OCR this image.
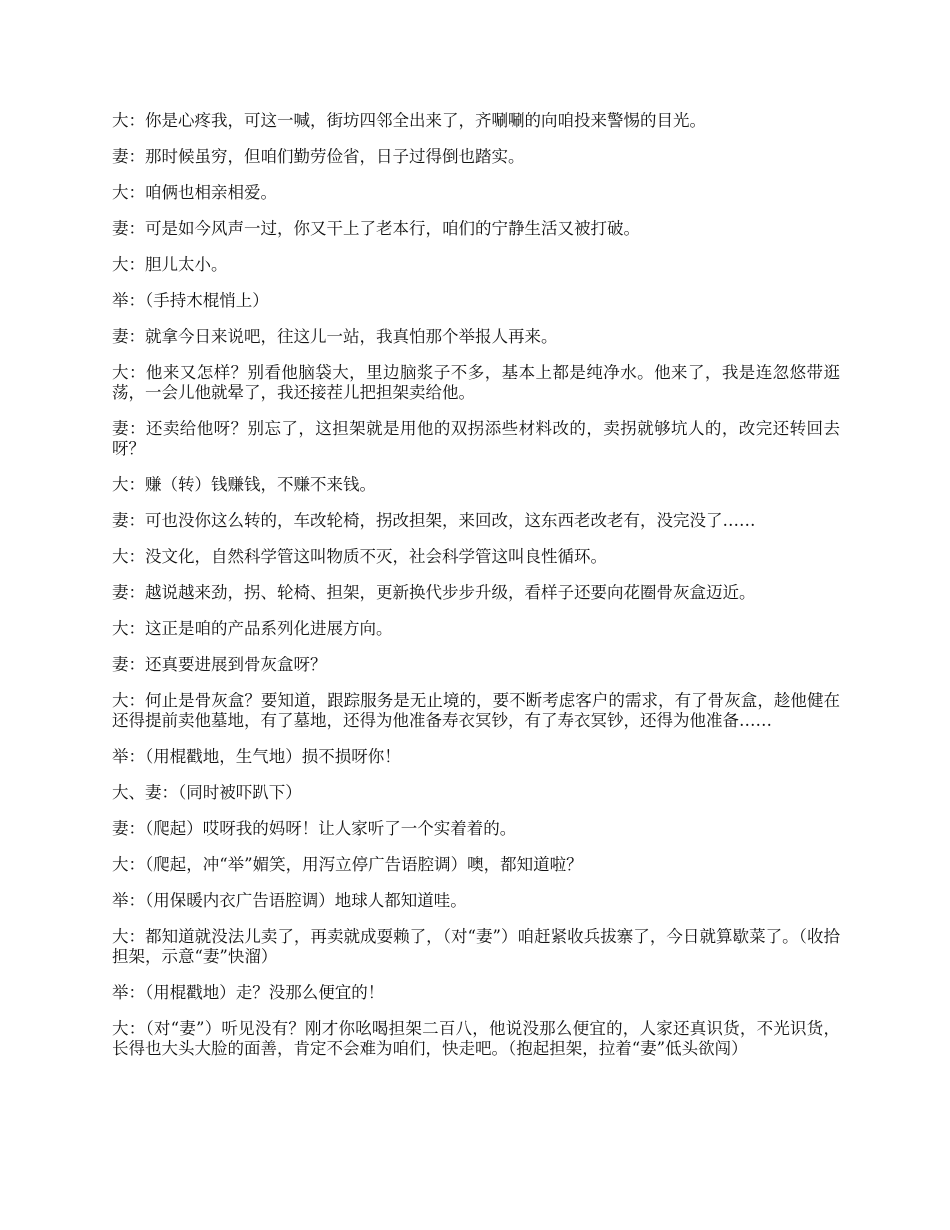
大：你是心疼我，可这一喊，街坊四邻全出来了，齐唰唰的向咱投来警惕的目光。

妻：那时候虽穷，但咱们勤劳俭省，日子过得倒也踏实。

大：咱俩也相亲相爱。

妻：可是如今风声一过，你又干上了老本行，咱们的宁静生活又被打破。

大：胆儿太小。

举：（手持木棍悄上）

妻：就拿今日来说吧，往这儿一站，我真怕那个举报人再来。

大：他来又怎样？别看他脑袋大，里边脑浆子不多，基本上都是纯净水。他来了，我是连忽悠带逛荡，一会儿他就晕了，我还接茬儿把担架卖给他。

妻：还卖给他呀？别忘了，这担架就是用他的双拐添些材料改的，卖拐就够坑人的，改完还转回去呀？

大：赚（转）钱赚钱，不赚不来钱。

妻：可也没你这么转的，车改轮椅，拐改担架，来回改，这东西老改老有，没完没了……

大：没文化，自然科学管这叫物质不灭，社会科学管这叫良性循环。

妻：越说越来劲，拐、轮椅、担架，更新换代步步升级，看样子还要向花圈骨灰盒迈近。

大：这正是咱的产品系列化进展方向。

妻：还真要进展到骨灰盒呀？

大：何止是骨灰盒？要知道，跟踪服务是无止境的，要不断考虑客户的需求，有了骨灰盒，趁他健在还得提前卖他墓地，有了墓地，还得为他准备寿衣冥钞，有了寿衣冥钞，还得为他准备……

举：（用棍戳地，生气地）损不损呀你！

大、妻：（同时被吓趴下）

妻：（爬起）哎呀我的妈呀！让人家听了一个实着着的。

大：（爬起，冲“举”媚笑，用泻立停广告语腔调）噢，都知道啦？

举：（用保暖内衣广告语腔调）地球人都知道哇。

大：都知道就没法儿卖了，再卖就成耍赖了，（对“妻”）咱赶紧收兵拔寨了，今日就算歇菜了。（收拾担架，示意“妻”快溜）

举：（用棍戳地）走？没那么便宜的！

大：（对“妻”）听见没有？刚才你吆喝担架二百八，他说没那么便宜的，人家还真识货，不光识货，长得也大头大脸的面善，肯定不会难为咱们，快走吧。（抱起担架，拉着“妻”低头欲闯）
